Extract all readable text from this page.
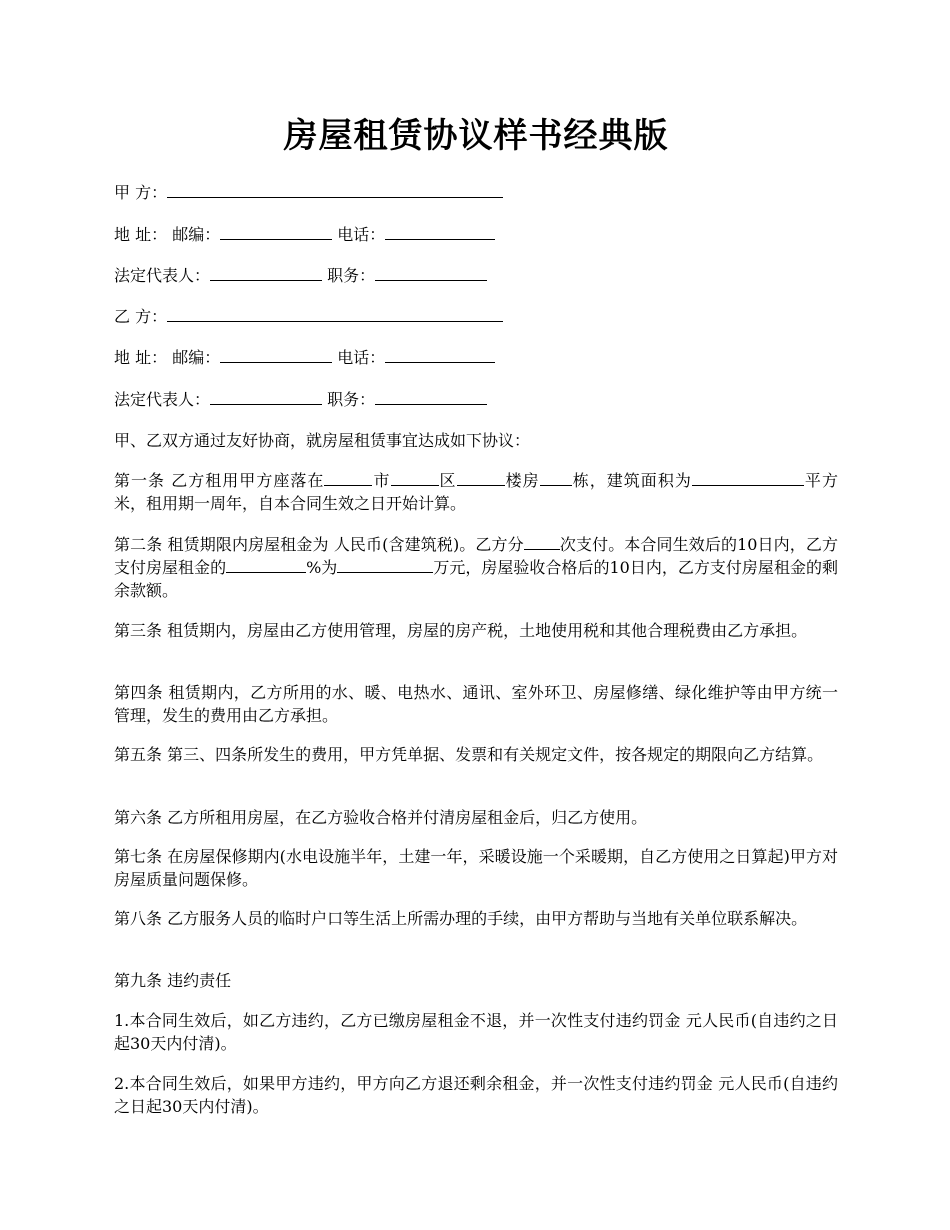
房屋租赁协议样书经典版
甲 方：
地 址： 邮编：	电话：
法定代表人：	职务：
乙 方：
地 址： 邮编：	电话：
法定代表人：	职务：
甲、乙双方通过友好协商，就房屋租赁事宜达成如下协议：
第一条 乙方租用甲方座落在	市	区	楼房 栋，建筑面积为	平方米，租用期一周年，自本合同生效之日开始计算。
第二条 租赁期限内房屋租金为 人民币(含建筑税)。乙方分 次支付。本合同生效后的10日内，乙方支付房屋租金的	%为	万元，房屋验收合格后的10日内，乙方支付房屋租金的剩余款额。
第三条 租赁期内，房屋由乙方使用管理，房屋的房产税，土地使用税和其他合理税费由乙方承担。
第四条 租赁期内，乙方所用的水、暖、电热水、通讯、室外环卫、房屋修缮、绿化维护等由甲方统一管理，发生的费用由乙方承担。
第五条 第三、四条所发生的费用，甲方凭单据、发票和有关规定文件，按各规定的期限向乙方结算。
第六条 乙方所租用房屋，在乙方验收合格并付清房屋租金后，归乙方使用。
第七条 在房屋保修期内(水电设施半年，土建一年，采暖设施一个采暖期，自乙方使用之日算起)甲方对房屋质量问题保修。
第八条 乙方服务人员的临时户口等生活上所需办理的手续，由甲方帮助与当地有关单位联系解决。
第九条 违约责任
1.本合同生效后，如乙方违约，乙方已缴房屋租金不退，并一次性支付违约罚金 元人民币(自违约之日起30天内付清)。
2.本合同生效后，如果甲方违约，甲方向乙方退还剩余租金，并一次性支付违约罚金 元人民币(自违约之日起30天内付清)。
